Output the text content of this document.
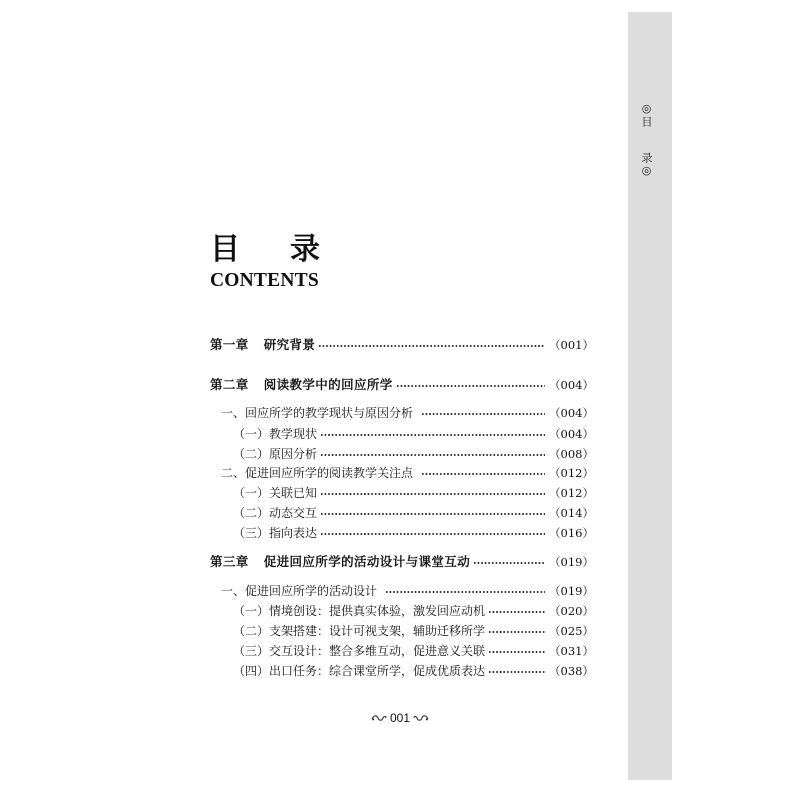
◎目　　录◎
目 录
CONTENTS
第一章 研究背景	（001）
第二章 阅读教学中的回应所学	（004）
一、回应所学的教学现状与原因分析	（004）
（一）教学现状	（004）
（二）原因分析	（008）
二、促进回应所学的阅读教学关注点	（012）
（一）关联已知	（012）
（二）动态交互	（014）
（三）指向表达	（016）
第三章 促进回应所学的活动设计与课堂互动	（019）
一、促进回应所学的活动设计	（019）
（一）情境创设：提供真实体验，激发回应动机	（020）
（二）支架搭建：设计可视支架，辅助迁移所学	（025）
（三）交互设计：整合多维互动，促进意义关联	（031）
（四）出口任务：综合课堂所学，促成优质表达	（038）
001
